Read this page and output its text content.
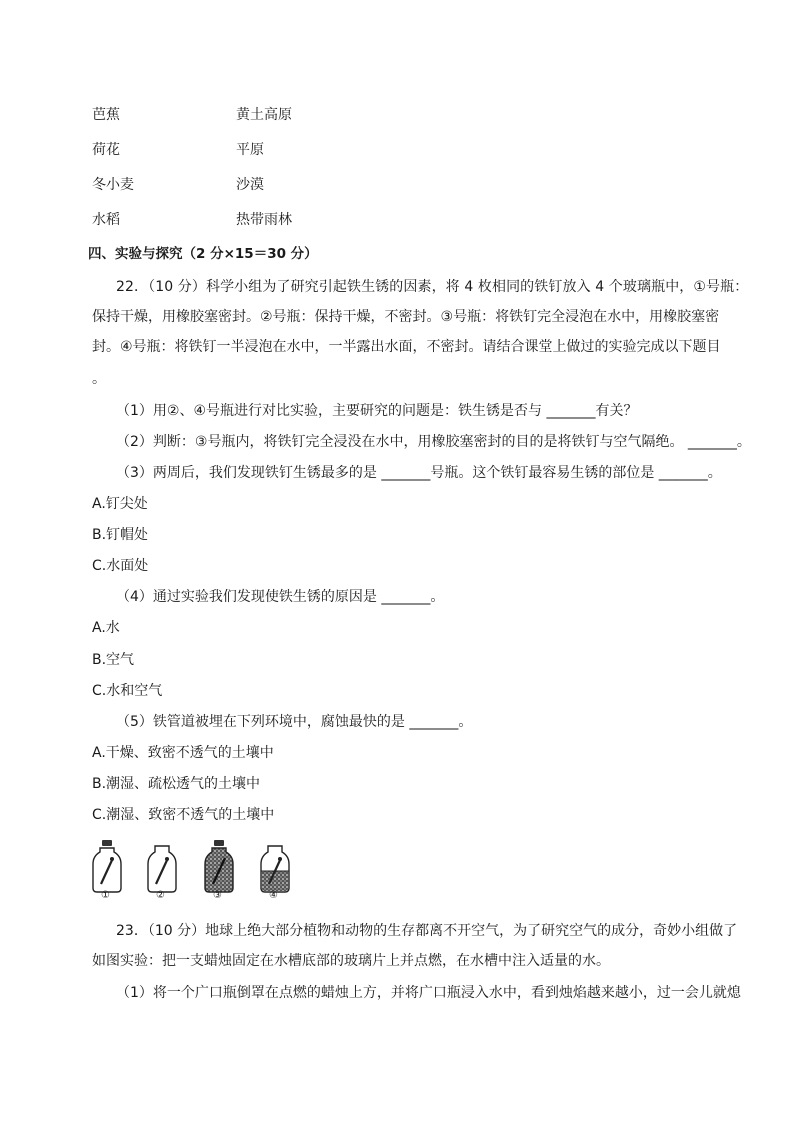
芭蕉	黄土高原
荷花	平原
冬小麦	沙漠
水稻	热带雨林
四、实验与探究（2 分×15＝30 分）
22．（10 分）科学小组为了研究引起铁生锈的因素，将 4 枚相同的铁钉放入 4 个玻璃瓶中，①号瓶：
保持干燥，用橡胶塞密封。②号瓶：保持干燥，不密封。③号瓶：将铁钉完全浸泡在水中，用橡胶塞密
封。④号瓶：将铁钉一半浸泡在水中，一半露出水面，不密封。请结合课堂上做过的实验完成以下题目
。
（1）用②、④号瓶进行对比实验，主要研究的问题是：铁生锈是否与 _______有关？
（2）判断：③号瓶内，将铁钉完全浸没在水中，用橡胶塞密封的目的是将铁钉与空气隔绝。 _______。
（3）两周后，我们发现铁钉生锈最多的是 _______号瓶。这个铁钉最容易生锈的部位是 _______。
A.钉尖处
B.钉帽处
C.水面处
（4）通过实验我们发现使铁生锈的原因是 _______。
A.水
B.空气
C.水和空气
（5）铁管道被埋在下列环境中，腐蚀最快的是 _______。
A.干燥、致密不透气的土壤中
B.潮湿、疏松透气的土壤中
C.潮湿、致密不透气的土壤中
①	②	③	④
23．（10 分）地球上绝大部分植物和动物的生存都离不开空气，为了研究空气的成分，奇妙小组做了
如图实验：把一支蜡烛固定在水槽底部的玻璃片上并点燃，在水槽中注入适量的水。
（1）将一个广口瓶倒罩在点燃的蜡烛上方，并将广口瓶浸入水中，看到烛焰越来越小，过一会儿就熄
